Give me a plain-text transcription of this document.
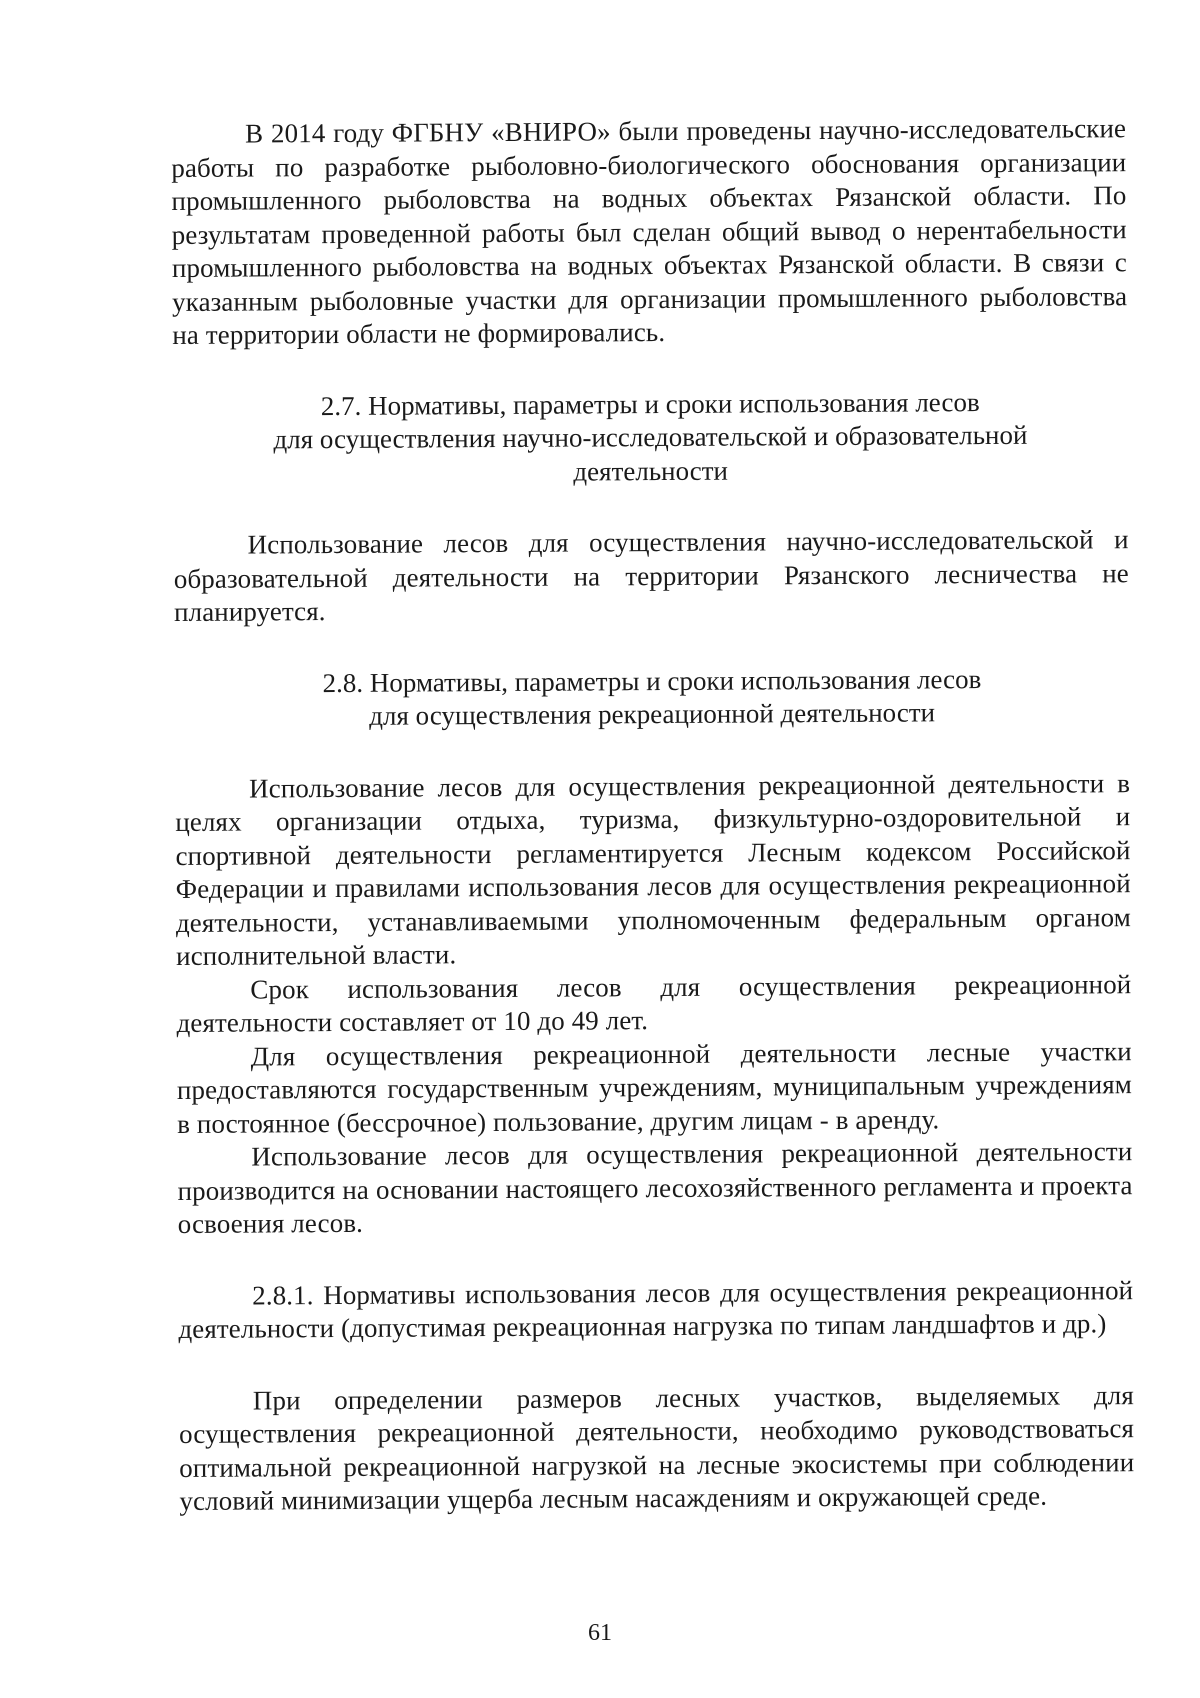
В 2014 году ФГБНУ «ВНИРО» были проведены научно-исследовательские работы по разработке рыболовно-биологического обоснования организации промышленного рыболовства на водных объектах Рязанской области. По результатам проведенной работы был сделан общий вывод о нерентабельности промышленного рыболовства на водных объектах Рязанской области. В связи с указанным рыболовные участки для организации промышленного рыболовства на территории области не формировались.

2.7. Нормативы, параметры и сроки использования лесов
для осуществления научно-исследовательской и образовательной
деятельности

Использование лесов для осуществления научно-исследовательской и образовательной деятельности на территории Рязанского лесничества не планируется.

2.8. Нормативы, параметры и сроки использования лесов
для осуществления рекреационной деятельности

Использование лесов для осуществления рекреационной деятельности в целях организации отдыха, туризма, физкультурно-оздоровительной и спортивной деятельности регламентируется Лесным кодексом Российской Федерации и правилами использования лесов для осуществления рекреационной деятельности, устанавливаемыми уполномоченным федеральным органом исполнительной власти.

Срок использования лесов для осуществления рекреационной деятельности составляет от 10 до 49 лет.

Для осуществления рекреационной деятельности лесные участки предоставляются государственным учреждениям, муниципальным учреждениям в постоянное (бессрочное) пользование, другим лицам - в аренду.

Использование лесов для осуществления рекреационной деятельности производится на основании настоящего лесохозяйственного регламента и проекта освоения лесов.

2.8.1. Нормативы использования лесов для осуществления рекреационной деятельности (допустимая рекреационная нагрузка по типам ландшафтов и др.)

При определении размеров лесных участков, выделяемых для осуществления рекреационной деятельности, необходимо руководствоваться оптимальной рекреационной нагрузкой на лесные экосистемы при соблюдении условий минимизации ущерба лесным насаждениям и окружающей среде.

61
